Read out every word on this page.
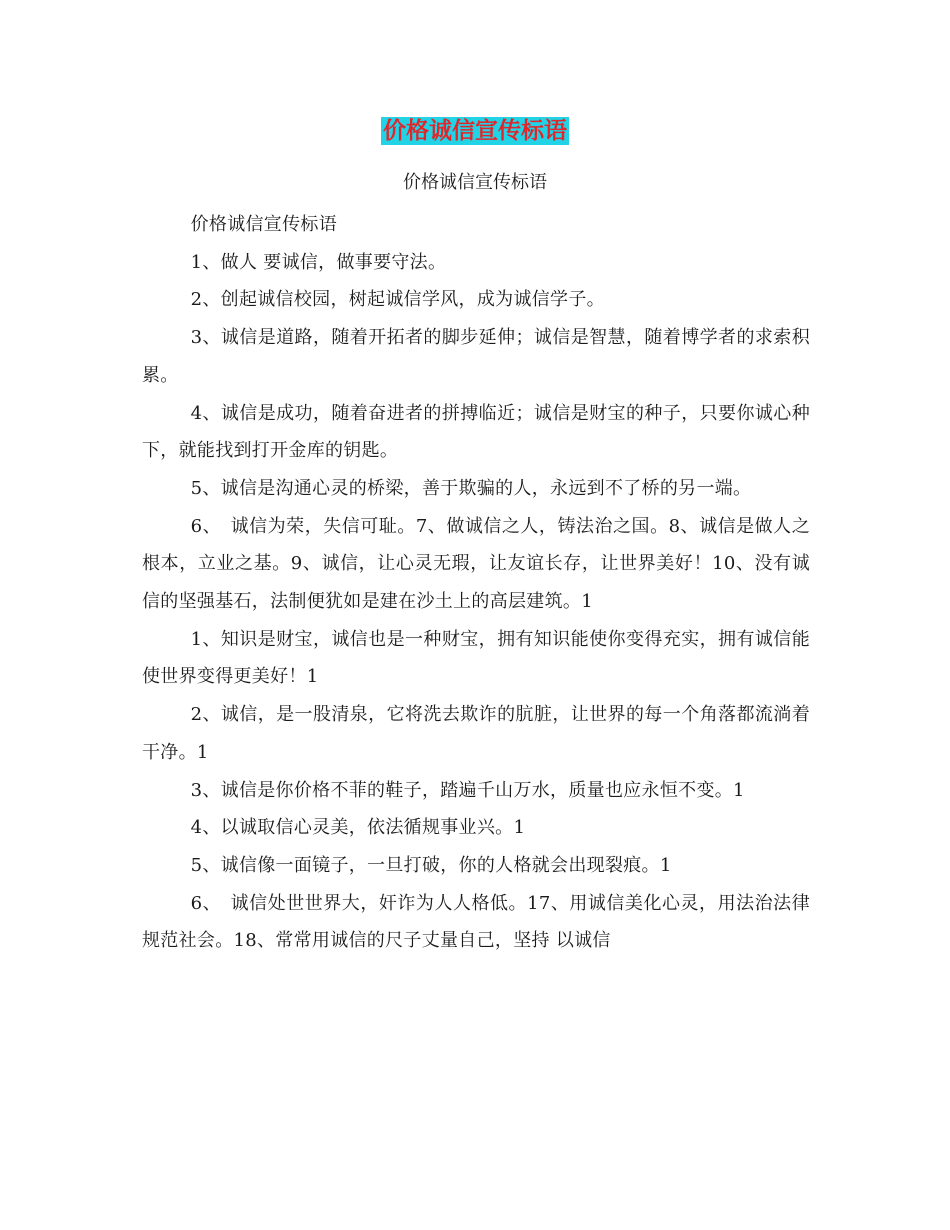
价格诚信宣传标语

价格诚信宣传标语

价格诚信宣传标语

1、做人 要诚信，做事要守法。

2、创起诚信校园，树起诚信学风，成为诚信学子。

3、诚信是道路，随着开拓者的脚步延伸；诚信是智慧，随着博学者的求索积累。

4、诚信是成功，随着奋进者的拼搏临近；诚信是财宝的种子，只要你诚心种下，就能找到打开金库的钥匙。

5、诚信是沟通心灵的桥梁，善于欺骗的人，永远到不了桥的另一端。

6、　诚信为荣，失信可耻。7、做诚信之人，铸法治之国。8、诚信是做人之根本，立业之基。9、诚信，让心灵无瑕，让友谊长存，让世界美好！10、没有诚信的坚强基石，法制便犹如是建在沙土上的高层建筑。1

1、知识是财宝，诚信也是一种财宝，拥有知识能使你变得充实，拥有诚信能使世界变得更美好！1

2、诚信，是一股清泉，它将洗去欺诈的肮脏，让世界的每一个角落都流淌着干净。1

3、诚信是你价格不菲的鞋子，踏遍千山万水，质量也应永恒不变。1

4、以诚取信心灵美，依法循规事业兴。1

5、诚信像一面镜子，一旦打破，你的人格就会出现裂痕。1

6、　诚信处世世界大，奸诈为人人格低。17、用诚信美化心灵，用法治法律规范社会。18、常常用诚信的尺子丈量自己，坚持 以诚信
